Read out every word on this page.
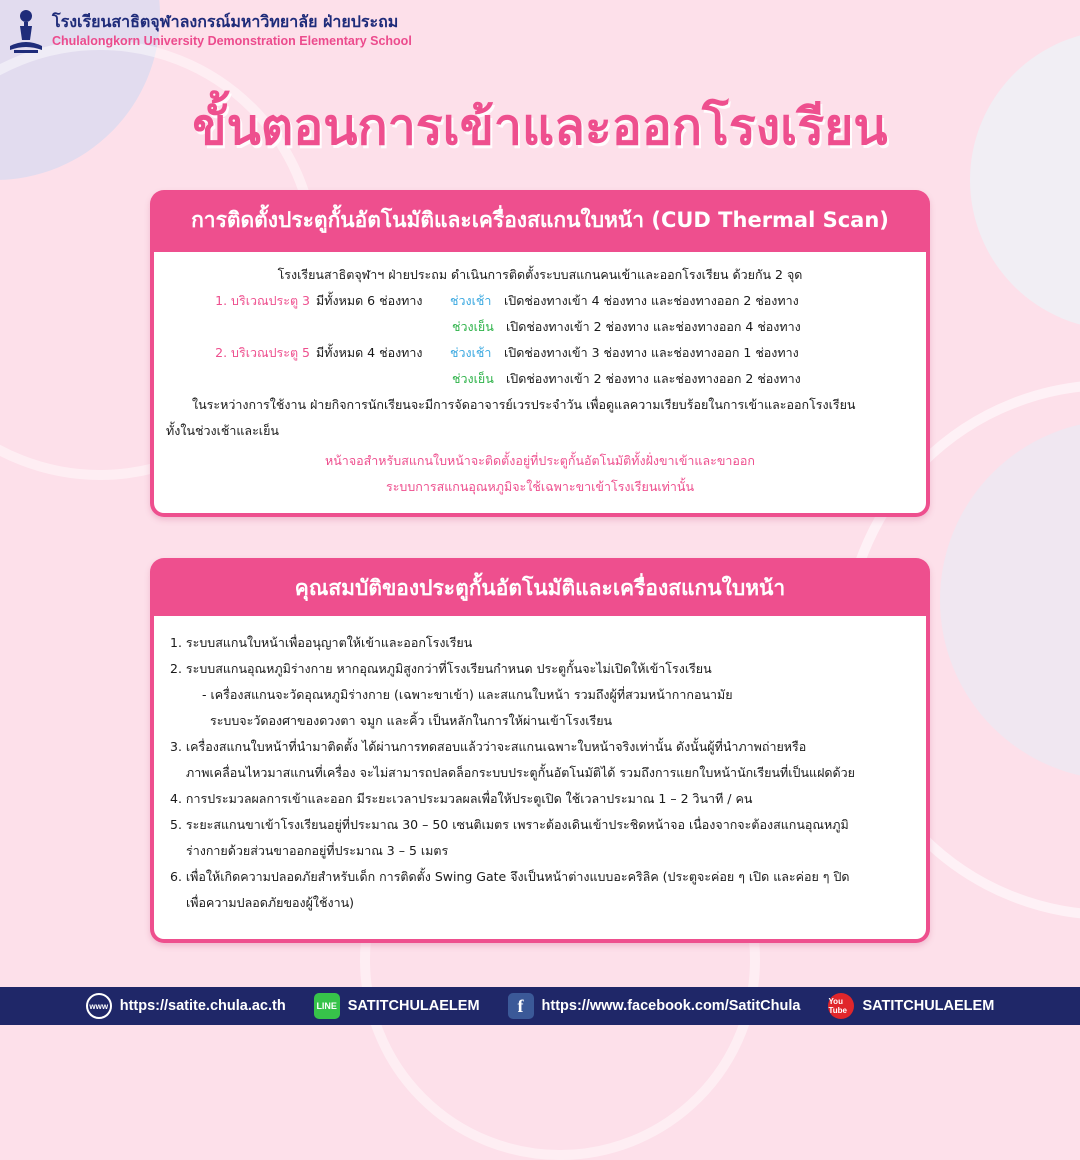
โรงเรียนสาธิตจุฬาลงกรณ์มหาวิทยาลัย ฝ่ายประถม
Chulalongkorn University Demonstration Elementary School
ขั้นตอนการเข้าและออกโรงเรียน
การติดตั้งประตูกั้นอัตโนมัติและเครื่องสแกนใบหน้า (CUD Thermal Scan)
โรงเรียนสาธิตจุฬาฯ ฝ่ายประถม ดำเนินการติดตั้งระบบสแกนคนเข้าและออกโรงเรียน ด้วยกัน 2 จุด
1. บริเวณประตู 3 มีทั้งหมด 6 ช่องทาง	ช่วงเช้า	เปิดช่องทางเข้า 4 ช่องทาง และช่องทางออก 2 ช่องทาง
ช่วงเย็น เปิดช่องทางเข้า 2 ช่องทาง และช่องทางออก 4 ช่องทาง
2. บริเวณประตู 5 มีทั้งหมด 4 ช่องทาง	ช่วงเช้า	เปิดช่องทางเข้า 3 ช่องทาง และช่องทางออก 1 ช่องทาง
ช่วงเย็น เปิดช่องทางเข้า 2 ช่องทาง และช่องทางออก 2 ช่องทาง
ในระหว่างการใช้งาน ฝ่ายกิจการนักเรียนจะมีการจัดอาจารย์เวรประจำวัน เพื่อดูแลความเรียบร้อยในการเข้าและออกโรงเรียน
ทั้งในช่วงเช้าและเย็น
หน้าจอสำหรับสแกนใบหน้าจะติดตั้งอยู่ที่ประตูกั้นอัตโนมัติทั้งฝั่งขาเข้าและขาออก
ระบบการสแกนอุณหภูมิจะใช้เฉพาะขาเข้าโรงเรียนเท่านั้น
คุณสมบัติของประตูกั้นอัตโนมัติและเครื่องสแกนใบหน้า
1. ระบบสแกนใบหน้าเพื่ออนุญาตให้เข้าและออกโรงเรียน
2. ระบบสแกนอุณหภูมิร่างกาย หากอุณหภูมิสูงกว่าที่โรงเรียนกำหนด ประตูกั้นจะไม่เปิดให้เข้าโรงเรียน
- เครื่องสแกนจะวัดอุณหภูมิร่างกาย (เฉพาะขาเข้า) และสแกนใบหน้า รวมถึงผู้ที่สวมหน้ากากอนามัย
ระบบจะวัดองศาของดวงตา จมูก และคิ้ว เป็นหลักในการให้ผ่านเข้าโรงเรียน
3. เครื่องสแกนใบหน้าที่นำมาติดตั้ง ได้ผ่านการทดสอบแล้วว่าจะสแกนเฉพาะใบหน้าจริงเท่านั้น ดังนั้นผู้ที่นำภาพถ่ายหรือ
ภาพเคลื่อนไหวมาสแกนที่เครื่อง จะไม่สามารถปลดล็อกระบบประตูกั้นอัตโนมัติได้ รวมถึงการแยกใบหน้านักเรียนที่เป็นแฝดด้วย
4. การประมวลผลการเข้าและออก มีระยะเวลาประมวลผลเพื่อให้ประตูเปิด ใช้เวลาประมาณ 1 – 2 วินาที / คน
5. ระยะสแกนขาเข้าโรงเรียนอยู่ที่ประมาณ 30 – 50 เซนติเมตร เพราะต้องเดินเข้าประชิดหน้าจอ เนื่องจากจะต้องสแกนอุณหภูมิ
ร่างกายด้วยส่วนขาออกอยู่ที่ประมาณ 3 – 5 เมตร
6. เพื่อให้เกิดความปลอดภัยสำหรับเด็ก การติดตั้ง Swing Gate จึงเป็นหน้าต่างแบบอะคริลิค (ประตูจะค่อย ๆ เปิด และค่อย ๆ ปิด
เพื่อความปลอดภัยของผู้ใช้งาน)
www https://satite.chula.ac.th	LINE SATITCHULAELEM	f	https://www.facebook.com/SatitChula	You Tube	SATITCHULAELEM
